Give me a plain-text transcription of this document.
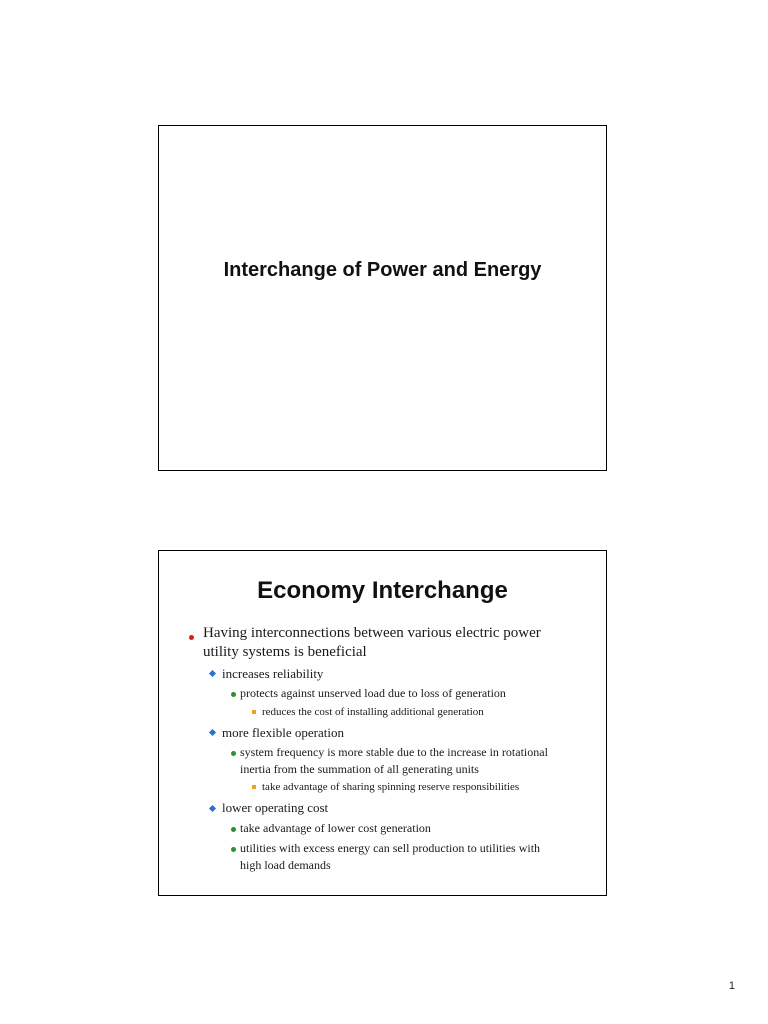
Interchange of Power and Energy
Economy Interchange
Having interconnections between various electric power
utility systems is beneficial
increases reliability
protects against unserved load due to loss of generation
reduces the cost of installing additional generation
more flexible operation
system frequency is more stable due to the increase in rotational
inertia from the summation of all generating units
take advantage of sharing spinning reserve responsibilities
lower operating cost
take advantage of lower cost generation
utilities with excess energy can sell production to utilities with
high load demands
1
